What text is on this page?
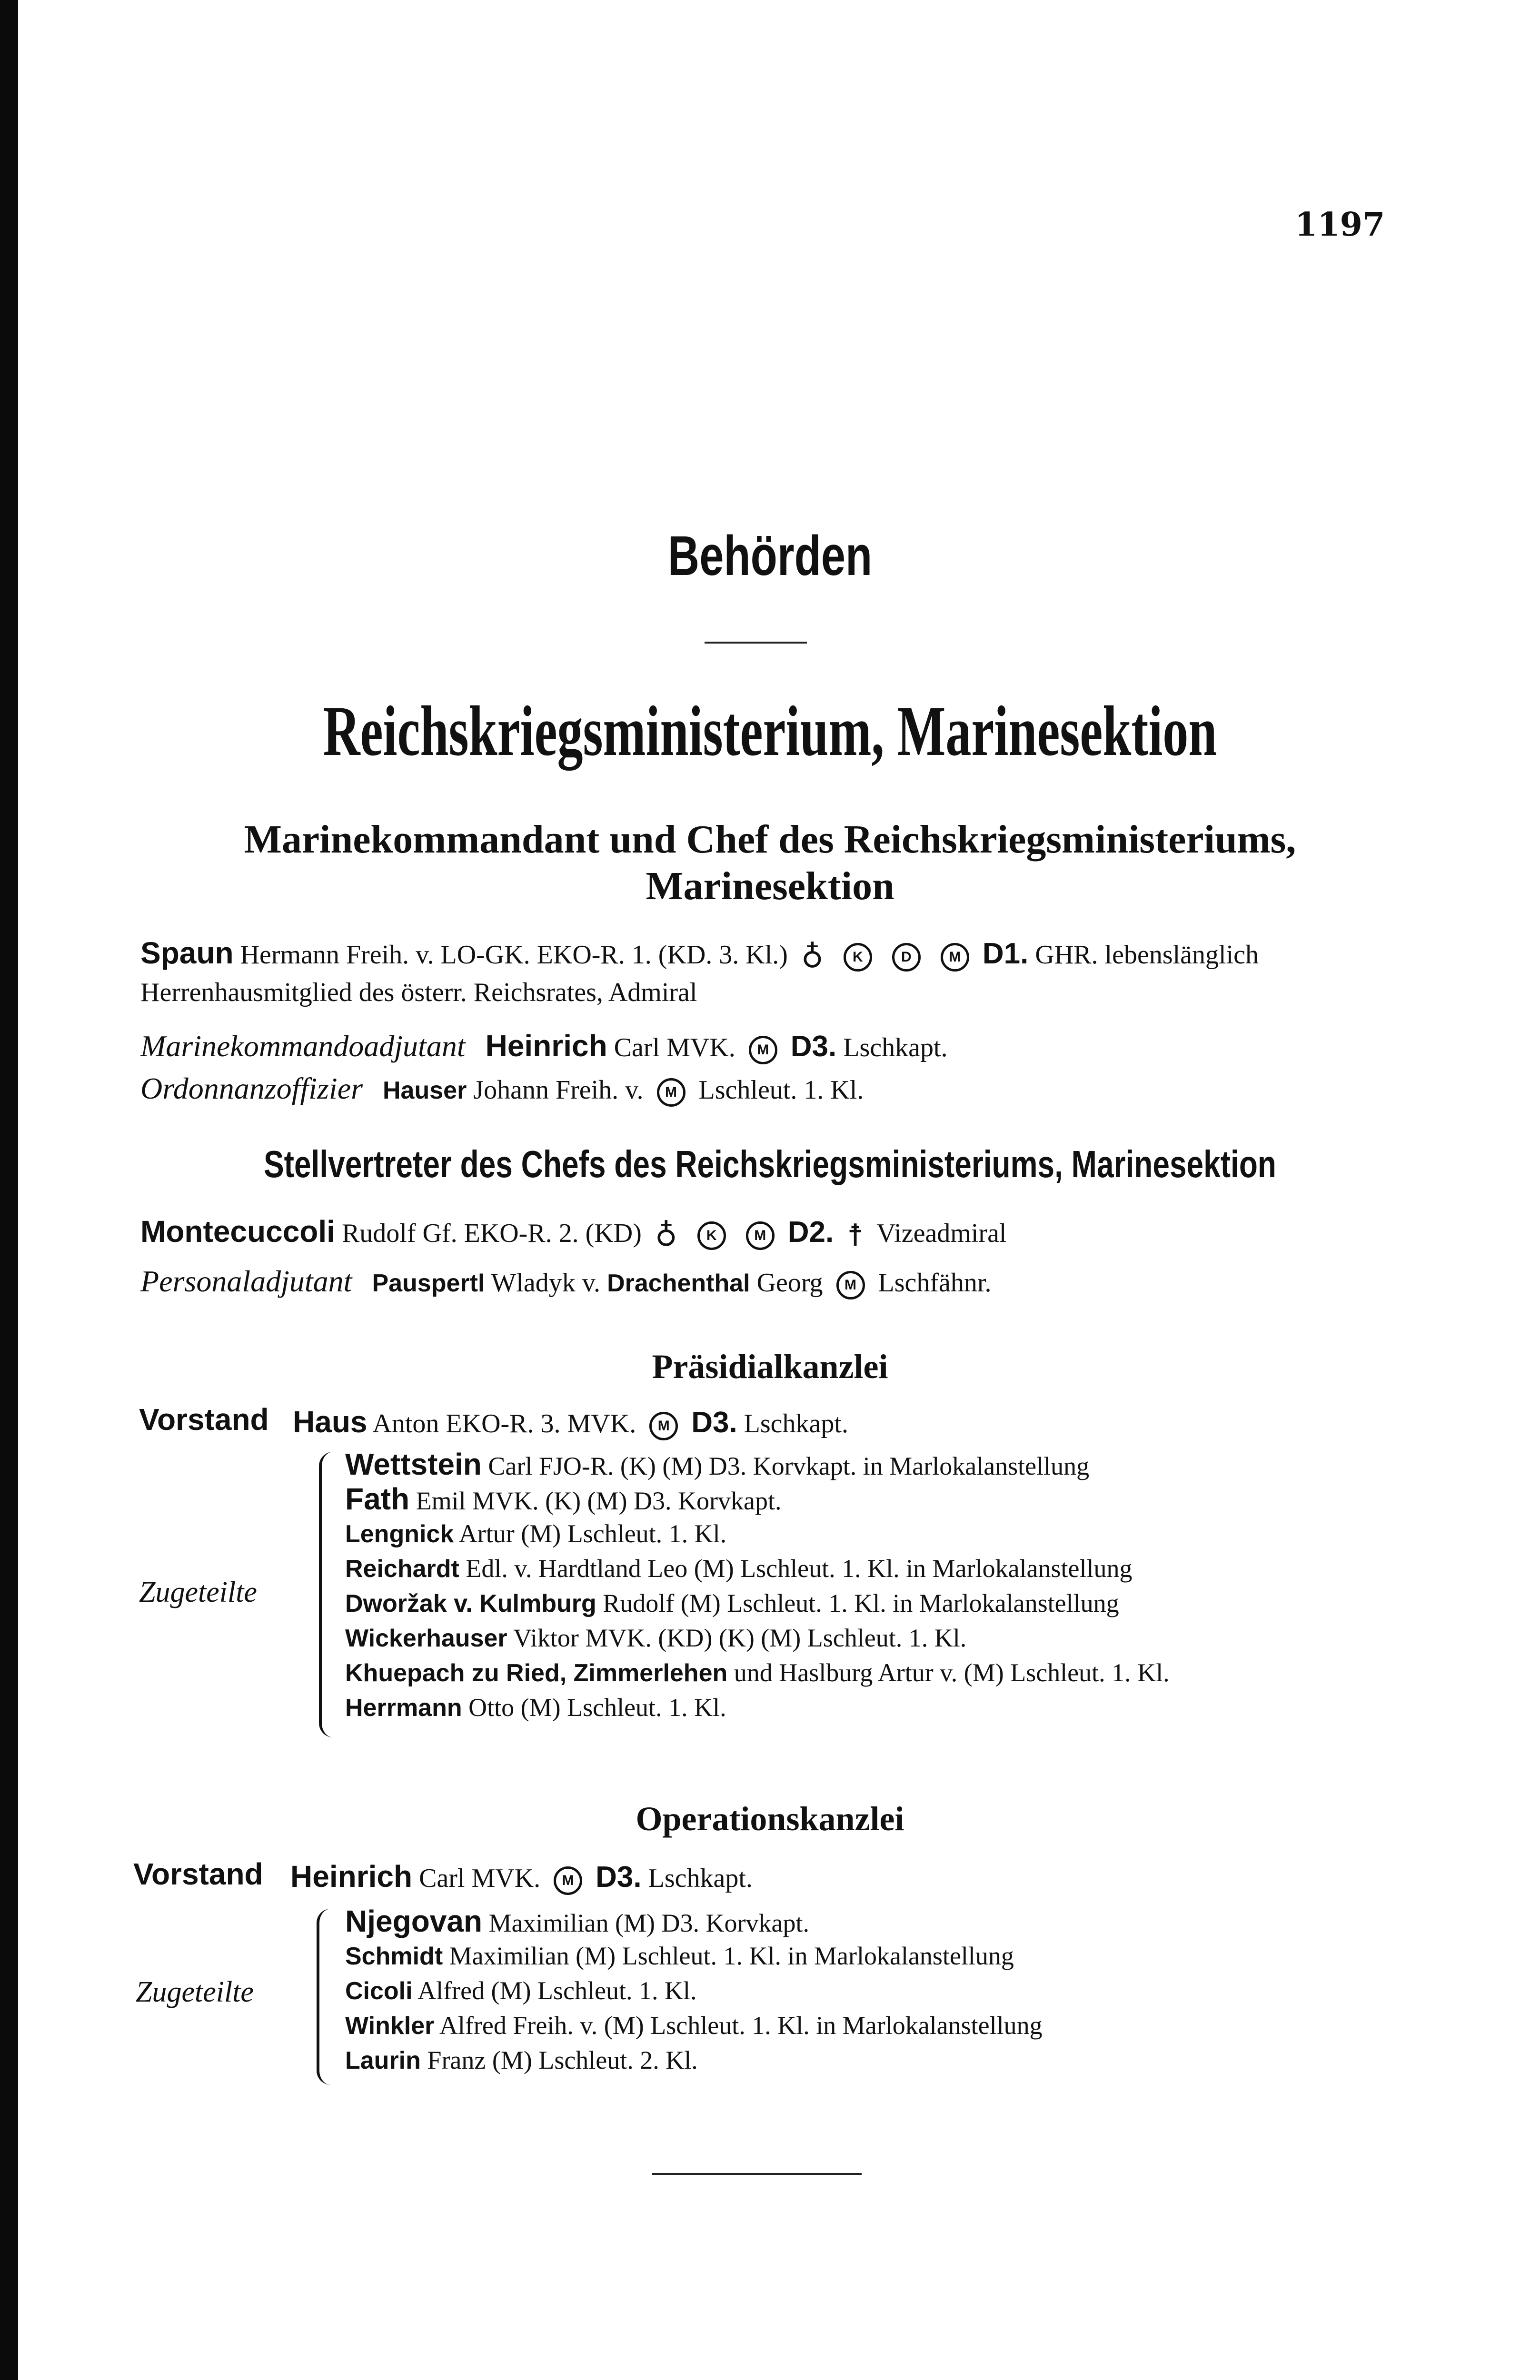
1197
Behörden
Reichskriegsministerium, Marinesektion
Marinekommandant und Chef des Reichskriegsministeriums, Marinesektion
Spaun Hermann Freih. v. LO-GK. EKO-R. 1. (KD. 3. Kl.) ♁ K	D	M D1. GHR. lebenslänglich Herrenhausmitglied des österr. Reichsrates, Admiral
Marinekommandoadjutant Heinrich Carl MVK. M D3. Lschkapt.
Ordonnanzoffizier Hauser Johann Freih. v. M Lschleut. 1. Kl.
Stellvertreter des Chefs des Reichskriegsministeriums, Marinesektion
Montecuccoli Rudolf Gf. EKO-R. 2. (KD) ♁ K	M D2. ☨ Vizeadmiral
Personaladjutant Pauspertl Wladyk v. Drachenthal Georg M Lschfähnr.
Präsidialkanzlei
Vorstand Haus Anton EKO-R. 3. MVK. M D3. Lschkapt.
Zugeteilte
Wettstein Carl FJO-R. (K) (M) D3. Korvkapt. in Marlokalanstellung
Fath Emil MVK. (K) (M) D3. Korvkapt.
Lengnick Artur (M) Lschleut. 1. Kl.
Reichardt Edl. v. Hardtland Leo (M) Lschleut. 1. Kl. in Marlokalanstellung
Dworžak v. Kulmburg Rudolf (M) Lschleut. 1. Kl. in Marlokalanstellung
Wickerhauser Viktor MVK. (KD) (K) (M) Lschleut. 1. Kl.
Khuepach zu Ried, Zimmerlehen und Haslburg Artur v. (M) Lschleut. 1. Kl.
Herrmann Otto (M) Lschleut. 1. Kl.
Operationskanzlei
Vorstand Heinrich Carl MVK. M D3. Lschkapt.
Zugeteilte
Njegovan Maximilian (M) D3. Korvkapt.
Schmidt Maximilian (M) Lschleut. 1. Kl. in Marlokalanstellung
Cicoli Alfred (M) Lschleut. 1. Kl.
Winkler Alfred Freih. v. (M) Lschleut. 1. Kl. in Marlokalanstellung
Laurin Franz (M) Lschleut. 2. Kl.
